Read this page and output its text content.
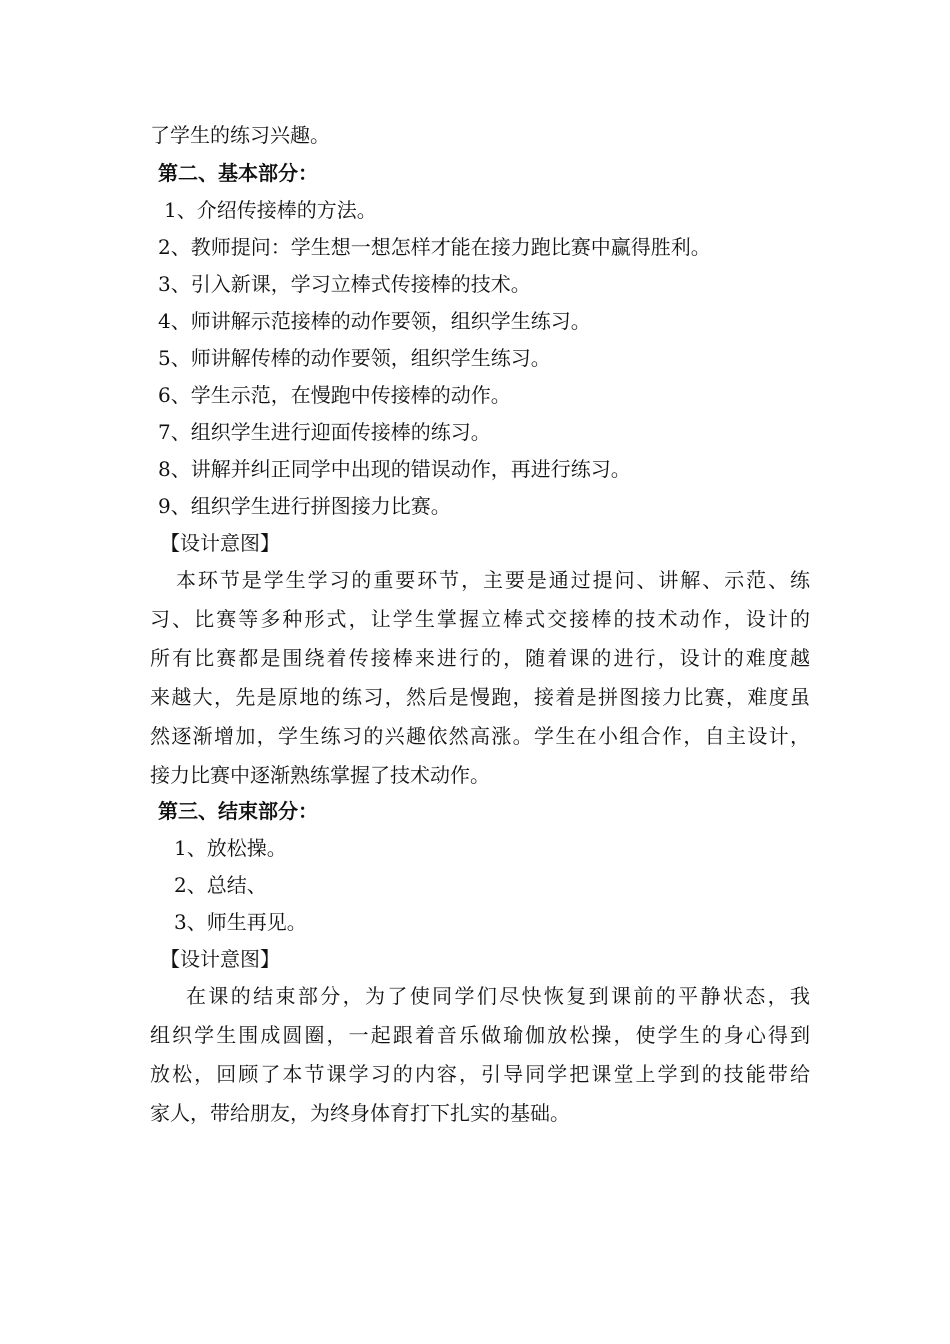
了学生的练习兴趣。
第二、基本部分：
1、介绍传接棒的方法。
2、教师提问：学生想一想怎样才能在接力跑比赛中赢得胜利。
3、引入新课，学习立棒式传接棒的技术。
4、师讲解示范接棒的动作要领，组织学生练习。
5、师讲解传棒的动作要领，组织学生练习。
6、学生示范，在慢跑中传接棒的动作。
7、组织学生进行迎面传接棒的练习。
8、讲解并纠正同学中出现的错误动作，再进行练习。
9、组织学生进行拼图接力比赛。
【设计意图】
本环节是学生学习的重要环节，主要是通过提问、讲解、示范、练
习、比赛等多种形式，让学生掌握立棒式交接棒的技术动作，设计的
所有比赛都是围绕着传接棒来进行的，随着课的进行，设计的难度越
来越大，先是原地的练习，然后是慢跑，接着是拼图接力比赛，难度虽
然逐渐增加，学生练习的兴趣依然高涨。学生在小组合作，自主设计，
接力比赛中逐渐熟练掌握了技术动作。
第三、结束部分：
1、放松操。
2、总结、
3、师生再见。
【设计意图】
在课的结束部分，为了使同学们尽快恢复到课前的平静状态，我
组织学生围成圆圈，一起跟着音乐做瑜伽放松操，使学生的身心得到
放松，回顾了本节课学习的内容，引导同学把课堂上学到的技能带给
家人，带给朋友，为终身体育打下扎实的基础。
